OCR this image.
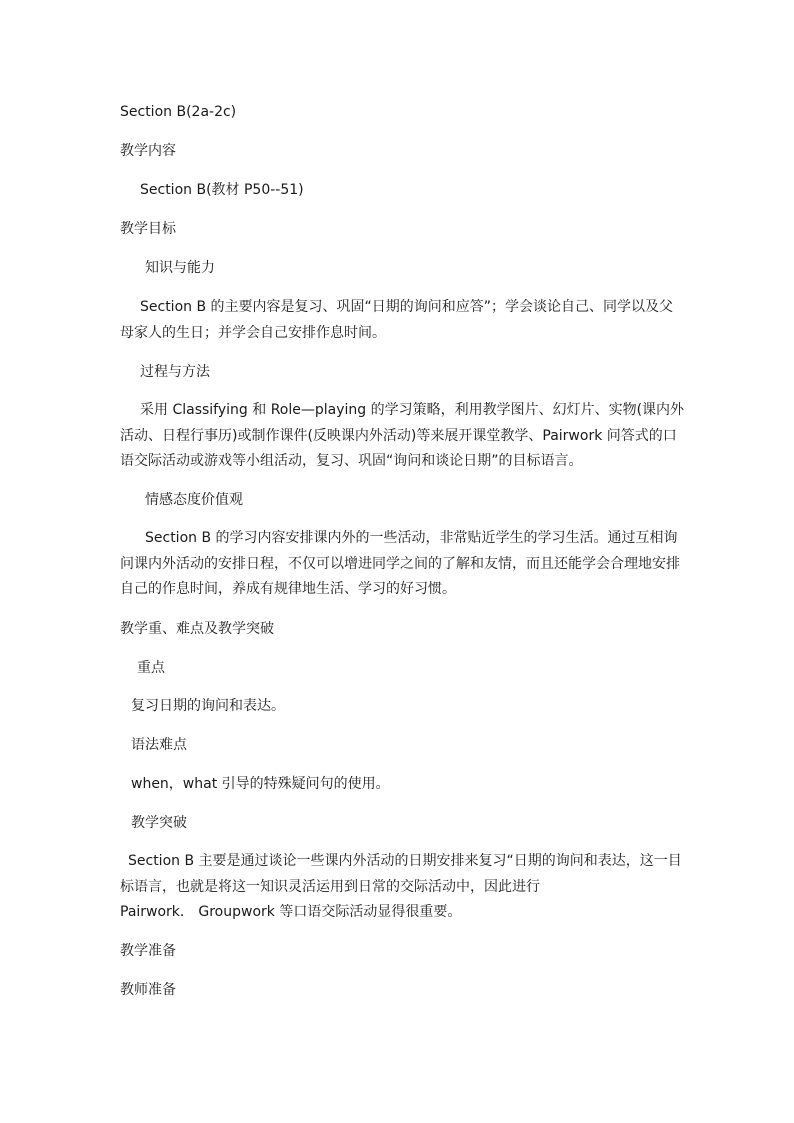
Section B(2a-2c)
教学内容
Section B(教材 P50--51)
教学目标
知识与能力
Section B 的主要内容是复习、巩固“日期的询问和应答”；学会谈论自己、同学以及父
母家人的生日；并学会自己安排作息时间。
过程与方法
采用 Classifying 和 Role—playing 的学习策略，利用教学图片、幻灯片、实物(课内外
活动、日程行事历)或制作课件(反映课内外活动)等来展开课堂教学、Pairwork 问答式的口
语交际活动或游戏等小组活动，复习、巩固“询问和谈论日期”的目标语言。
情感态度价值观
Section B 的学习内容安排课内外的一些活动，非常贴近学生的学习生活。通过互相询
问课内外活动的安排日程，不仅可以增进同学之间的了解和友情，而且还能学会合理地安排
自己的作息时间，养成有规律地生活、学习的好习惯。
教学重、难点及教学突破
重点
复习日期的询问和表达。
语法难点
when，what 引导的特殊疑问句的使用。
教学突破
Section B 主要是通过谈论一些课内外活动的日期安排来复习“日期的询问和表达，这一目
标语言，也就是将这一知识灵活运用到日常的交际活动中，因此进行
Pairwork． Groupwork 等口语交际活动显得很重要。
教学准备
教师准备
